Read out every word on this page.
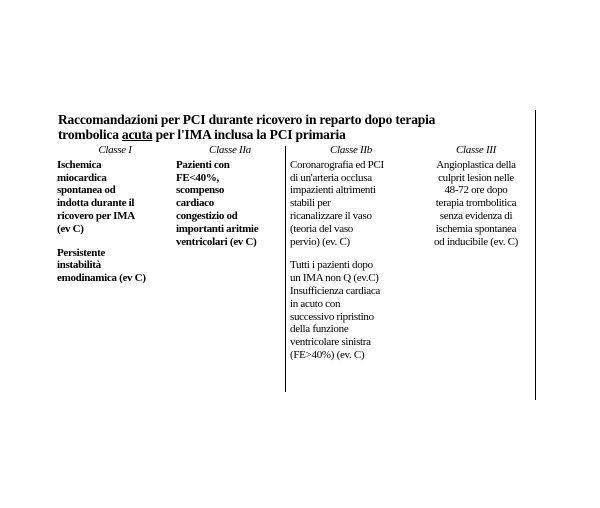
Raccomandazioni per PCI durante ricovero in reparto dopo terapia
trombolica acuta per l'IMA inclusa la PCI primaria
Classe I
Ischemica
miocardica
spontanea od
indotta durante il
ricovero per IMA
(ev C)
Persistente
instabilità
emodinamica (ev C)
Classe IIa
Pazienti con
FE<40%,
scompenso
cardiaco
congestizio od
importanti aritmie
ventricolari (ev C)
Classe IIb
Coronarografia ed PCI
di un'arteria occlusa
impazienti altrimenti
stabili per
ricanalizzare il vaso
(teoria del vaso
pervio) (ev. C)
Tutti i pazienti dopo
un IMA non Q (ev.C)
Insufficienza cardiaca
in acuto con
successivo ripristino
della funzione
ventricolare sinistra
(FE>40%) (ev. C)
Classe III
Angioplastica della
culprit lesion nelle
48-72 ore dopo
terapia trombolitica
senza evidenza di
ischemia spontanea
od inducibile (ev. C)
